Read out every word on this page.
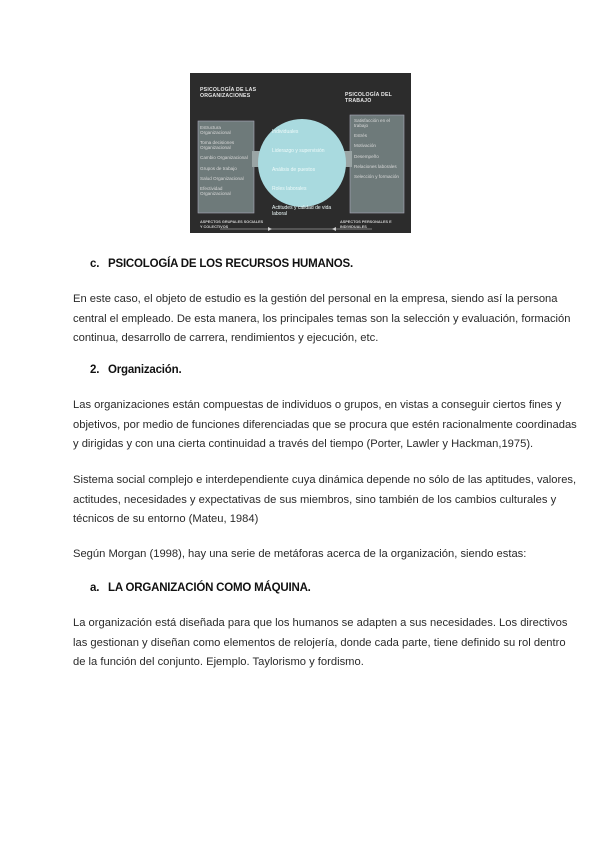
PSICOLOGÍA DE LAS ORGANIZACIONES	PSICOLOGÍA DEL TRABAJO
Estructura Organizacional
Toma decisiones Organizacional
Cambio Organizacional
Grupos de trabajo
Salud Organizacional
Efectividad Organizacional
Individuales
Liderazgo y supervisión
Análisis de puestos
Roles laborales
Actitudes y calidad de vida laboral
Satisfacción en el trabajo
Estrés
Motivación
Desempeño
Relaciones laborales
Selección y formación
ASPECTOS GRUPALES SOCIALES Y COLECTIVOS
ASPECTOS PERSONALES E INDIVIDUALES
c. PSICOLOGÍA DE LOS RECURSOS HUMANOS.

En este caso, el objeto de estudio es la gestión del personal en la empresa, siendo así la persona

central el empleado. De esta manera, los principales temas son la selección y evaluación, formación

continua, desarrollo de carrera, rendimientos y ejecución, etc.

2. Organización.

Las organizaciones están compuestas de individuos o grupos, en vistas a conseguir ciertos fines y

objetivos, por medio de funciones diferenciadas que se procura que estén racionalmente coordinadas

y dirigidas y con una cierta continuidad a través del tiempo (Porter, Lawler y Hackman,1975).

Sistema social complejo e interdependiente cuya dinámica depende no sólo de las aptitudes, valores,

actitudes, necesidades y expectativas de sus miembros, sino también de los cambios culturales y

técnicos de su entorno (Mateu, 1984)

Según Morgan (1998), hay una serie de metáforas acerca de la organización, siendo estas:

a. LA ORGANIZACIÓN COMO MÁQUINA.

La organización está diseñada para que los humanos se adapten a sus necesidades. Los directivos

las gestionan y diseñan como elementos de relojería, donde cada parte, tiene definido su rol dentro

de la función del conjunto. Ejemplo. Taylorismo y fordismo.
